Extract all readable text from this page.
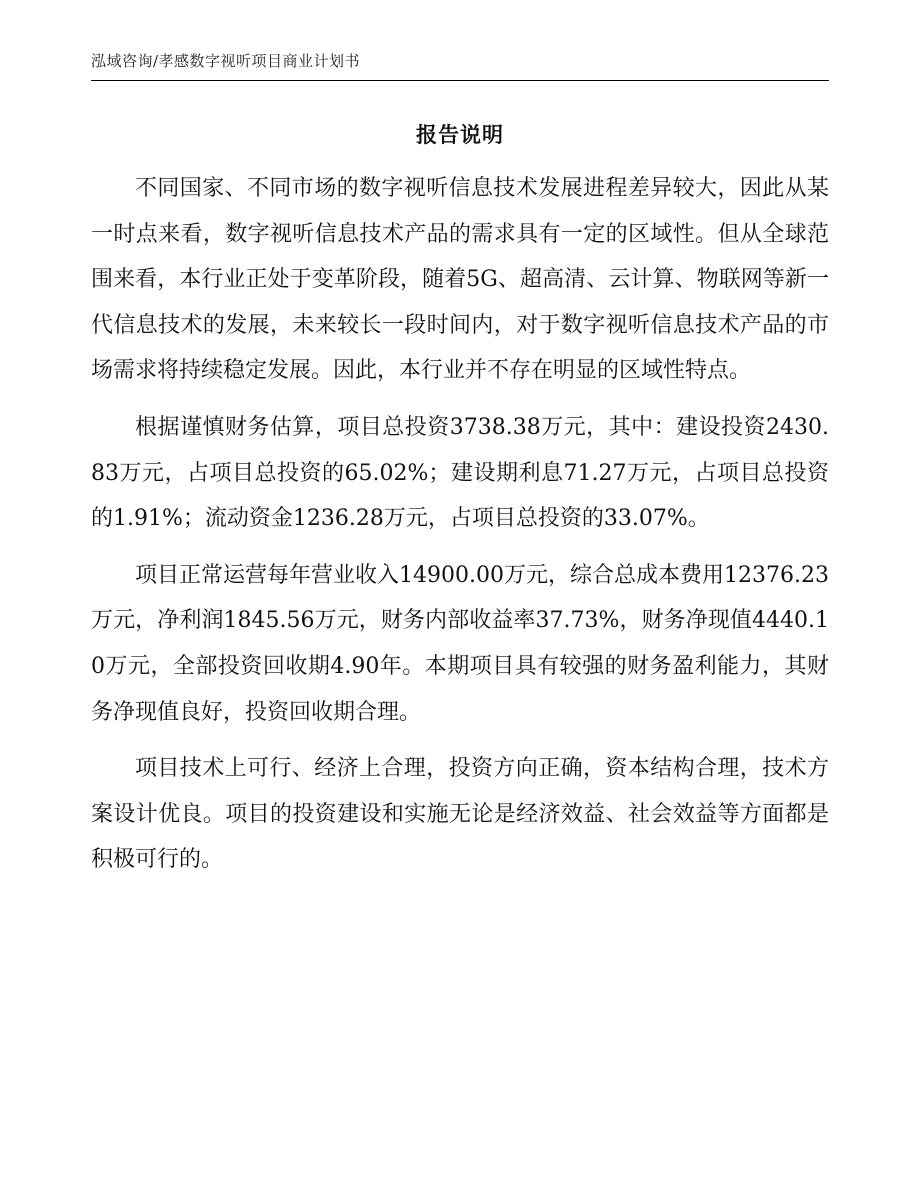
泓域咨询/孝感数字视听项目商业计划书
报告说明

不同国家、不同市场的数字视听信息技术发展进程差异较大，因此从某一时点来看，数字视听信息技术产品的需求具有一定的区域性。但从全球范围来看，本行业正处于变革阶段，随着5G、超高清、云计算、物联网等新一代信息技术的发展，未来较长一段时间内，对于数字视听信息技术产品的市场需求将持续稳定发展。因此，本行业并不存在明显的区域性特点。

根据谨慎财务估算，项目总投资3738.38万元，其中：建设投资2430.83万元，占项目总投资的65.02%；建设期利息71.27万元，占项目总投资的1.91%；流动资金1236.28万元，占项目总投资的33.07%。

项目正常运营每年营业收入14900.00万元，综合总成本费用12376.23万元，净利润1845.56万元，财务内部收益率37.73%，财务净现值4440.10万元，全部投资回收期4.90年。本期项目具有较强的财务盈利能力，其财务净现值良好，投资回收期合理。

项目技术上可行、经济上合理，投资方向正确，资本结构合理，技术方案设计优良。项目的投资建设和实施无论是经济效益、社会效益等方面都是积极可行的。
